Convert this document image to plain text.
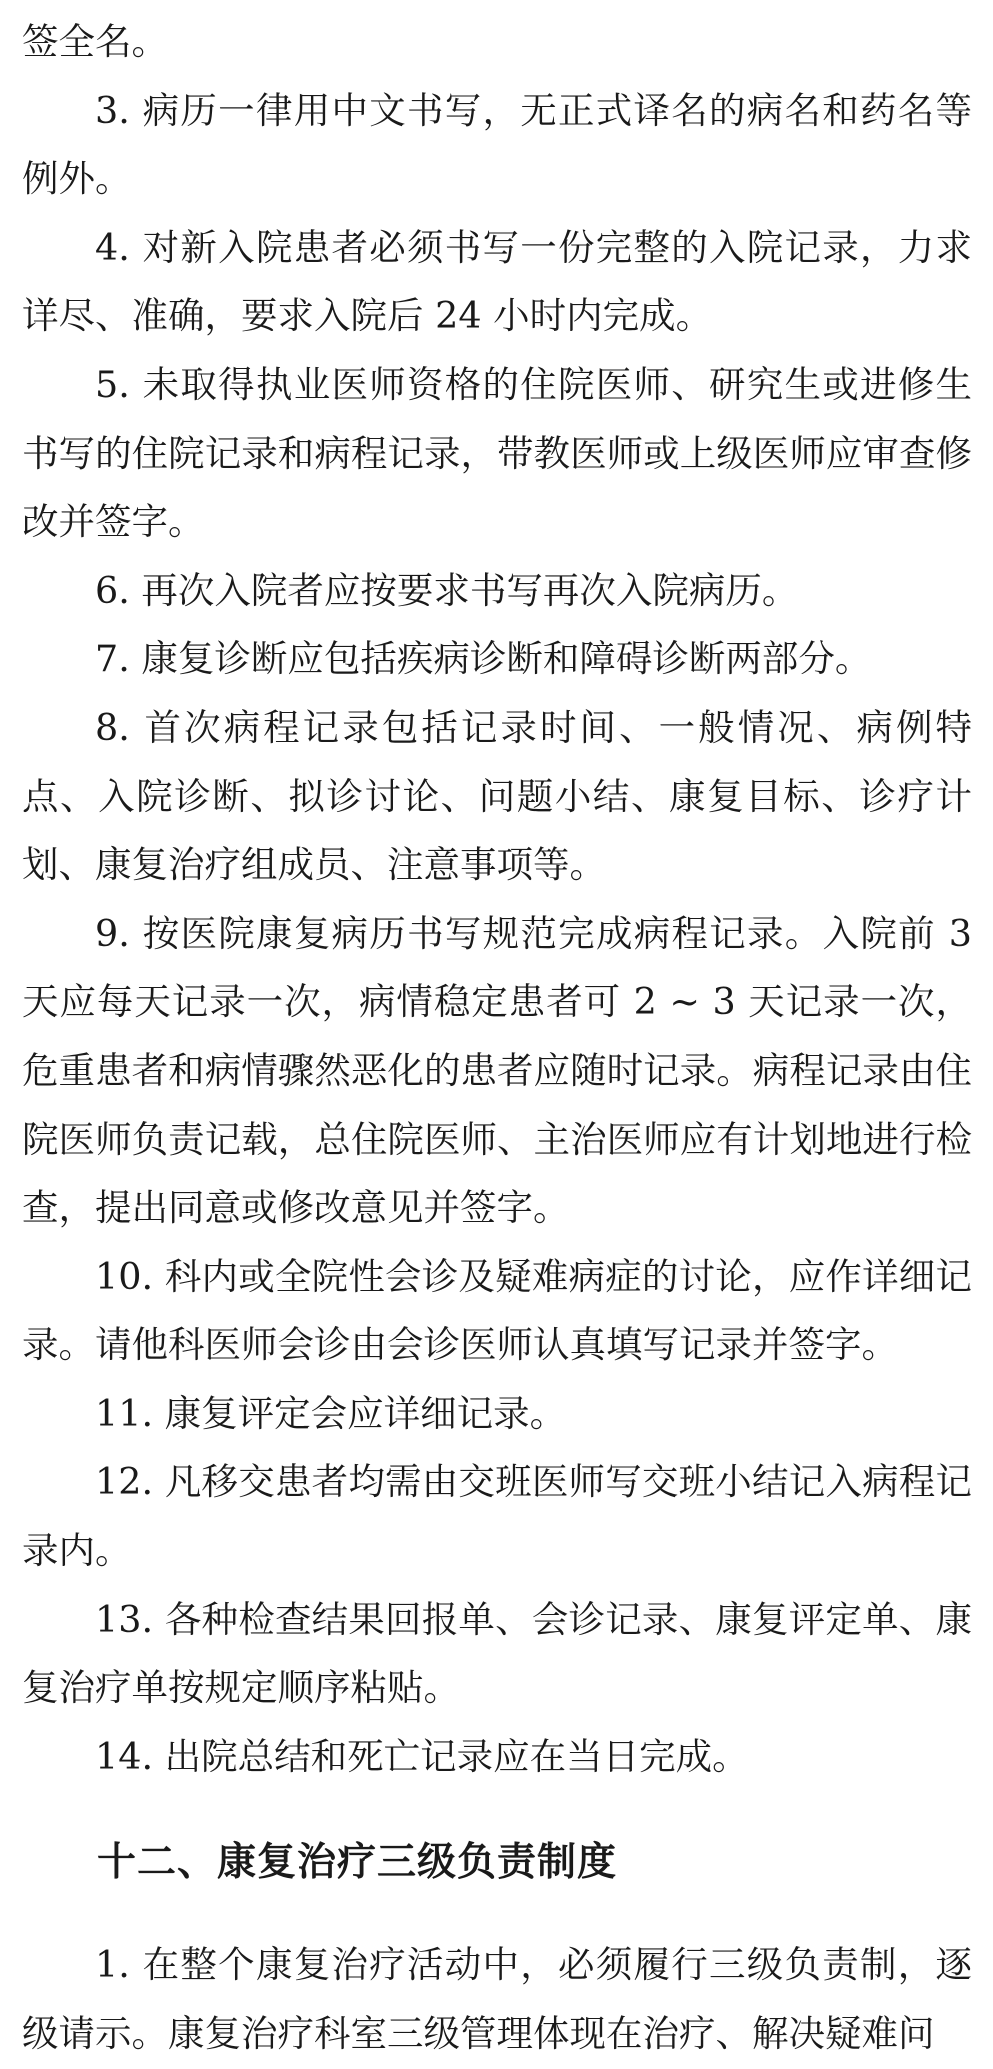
签全名。

3. 病历一律用中文书写，无正式译名的病名和药名等例外。

4. 对新入院患者必须书写一份完整的入院记录，力求详尽、准确，要求入院后 24 小时内完成。

5. 未取得执业医师资格的住院医师、研究生或进修生书写的住院记录和病程记录，带教医师或上级医师应审查修改并签字。

6. 再次入院者应按要求书写再次入院病历。

7. 康复诊断应包括疾病诊断和障碍诊断两部分。

8. 首次病程记录包括记录时间、一般情况、病例特点、入院诊断、拟诊讨论、问题小结、康复目标、诊疗计划、康复治疗组成员、注意事项等。

9. 按医院康复病历书写规范完成病程记录。入院前 3 天应每天记录一次，病情稳定患者可 2 ~ 3 天记录一次，危重患者和病情骤然恶化的患者应随时记录。病程记录由住院医师负责记载，总住院医师、主治医师应有计划地进行检查，提出同意或修改意见并签字。

10. 科内或全院性会诊及疑难病症的讨论，应作详细记录。请他科医师会诊由会诊医师认真填写记录并签字。

11. 康复评定会应详细记录。

12. 凡移交患者均需由交班医师写交班小结记入病程记录内。

13. 各种检查结果回报单、会诊记录、康复评定单、康复治疗单按规定顺序粘贴。

14. 出院总结和死亡记录应在当日完成。

十二、康复治疗三级负责制度

1. 在整个康复治疗活动中，必须履行三级负责制，逐级请示。康复治疗科室三级管理体现在治疗、解决疑难问
